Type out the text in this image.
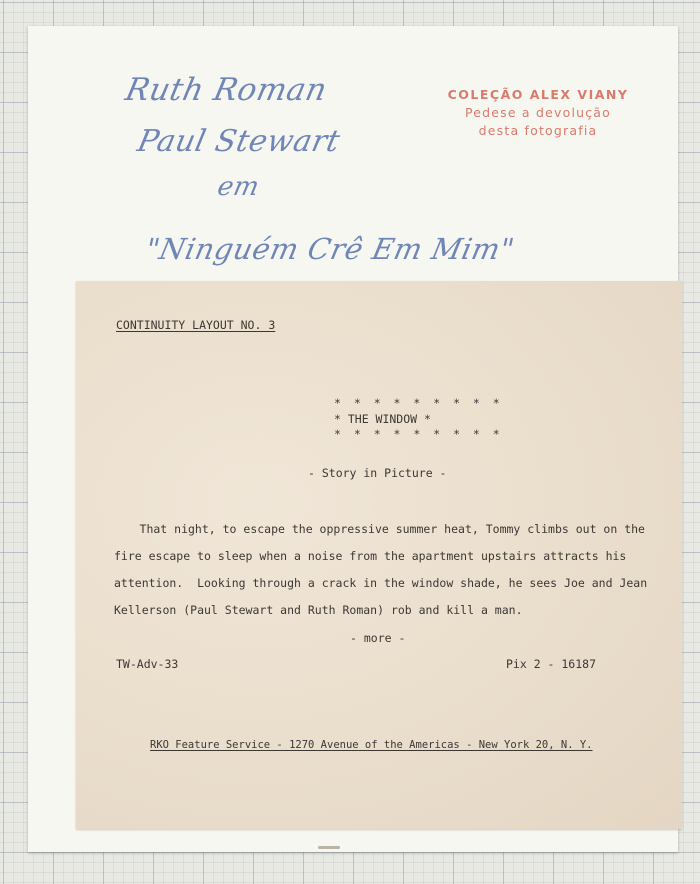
Ruth Roman
Paul Stewart
em
"Ninguém Crê Em Mim"
COLEÇÃO ALEX VIANY
Pedese a devolução
desta fotografia
CONTINUITY LAYOUT NO. 3
* * * * * * * * *
* THE WINDOW *
* * * * * * * * *
- Story in Picture -
That night, to escape the oppressive summer heat, Tommy climbs out on the
fire escape to sleep when a noise from the apartment upstairs attracts his
attention.  Looking through a crack in the window shade, he sees Joe and Jean
Kellerson (Paul Stewart and Ruth Roman) rob and kill a man.
- more -
TW-Adv-33	Pix 2 - 16187
RKO Feature Service - 1270 Avenue of the Americas - New York 20, N. Y.
